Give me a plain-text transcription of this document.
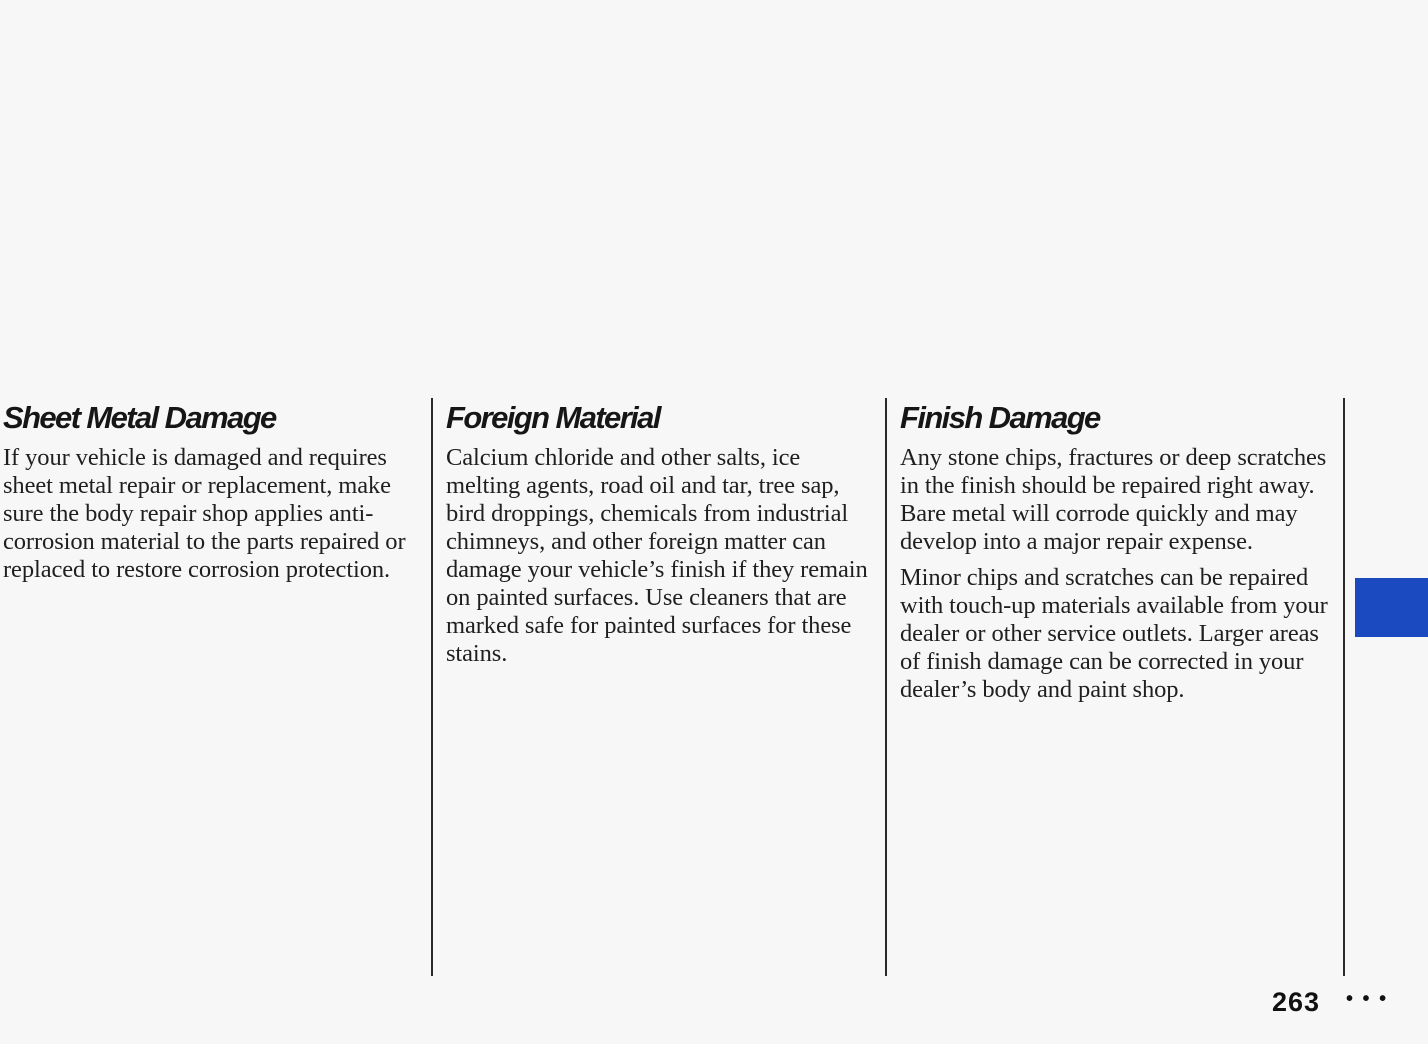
Sheet Metal Damage

If your vehicle is damaged and requires sheet metal repair or replacement, make sure the body repair shop applies anti-corrosion material to the parts repaired or replaced to restore corrosion protection.

Foreign Material

Calcium chloride and other salts, ice melting agents, road oil and tar, tree sap, bird droppings, chemicals from industrial chimneys, and other foreign matter can damage your vehicle’s finish if they remain on painted surfaces. Use cleaners that are marked safe for painted surfaces for these stains.

Finish Damage

Any stone chips, fractures or deep scratches in the finish should be repaired right away. Bare metal will corrode quickly and may develop into a major repair expense.

Minor chips and scratches can be repaired with touch-up materials available from your dealer or other service outlets. Larger areas of finish damage can be corrected in your dealer’s body and paint shop.

263 • • •
